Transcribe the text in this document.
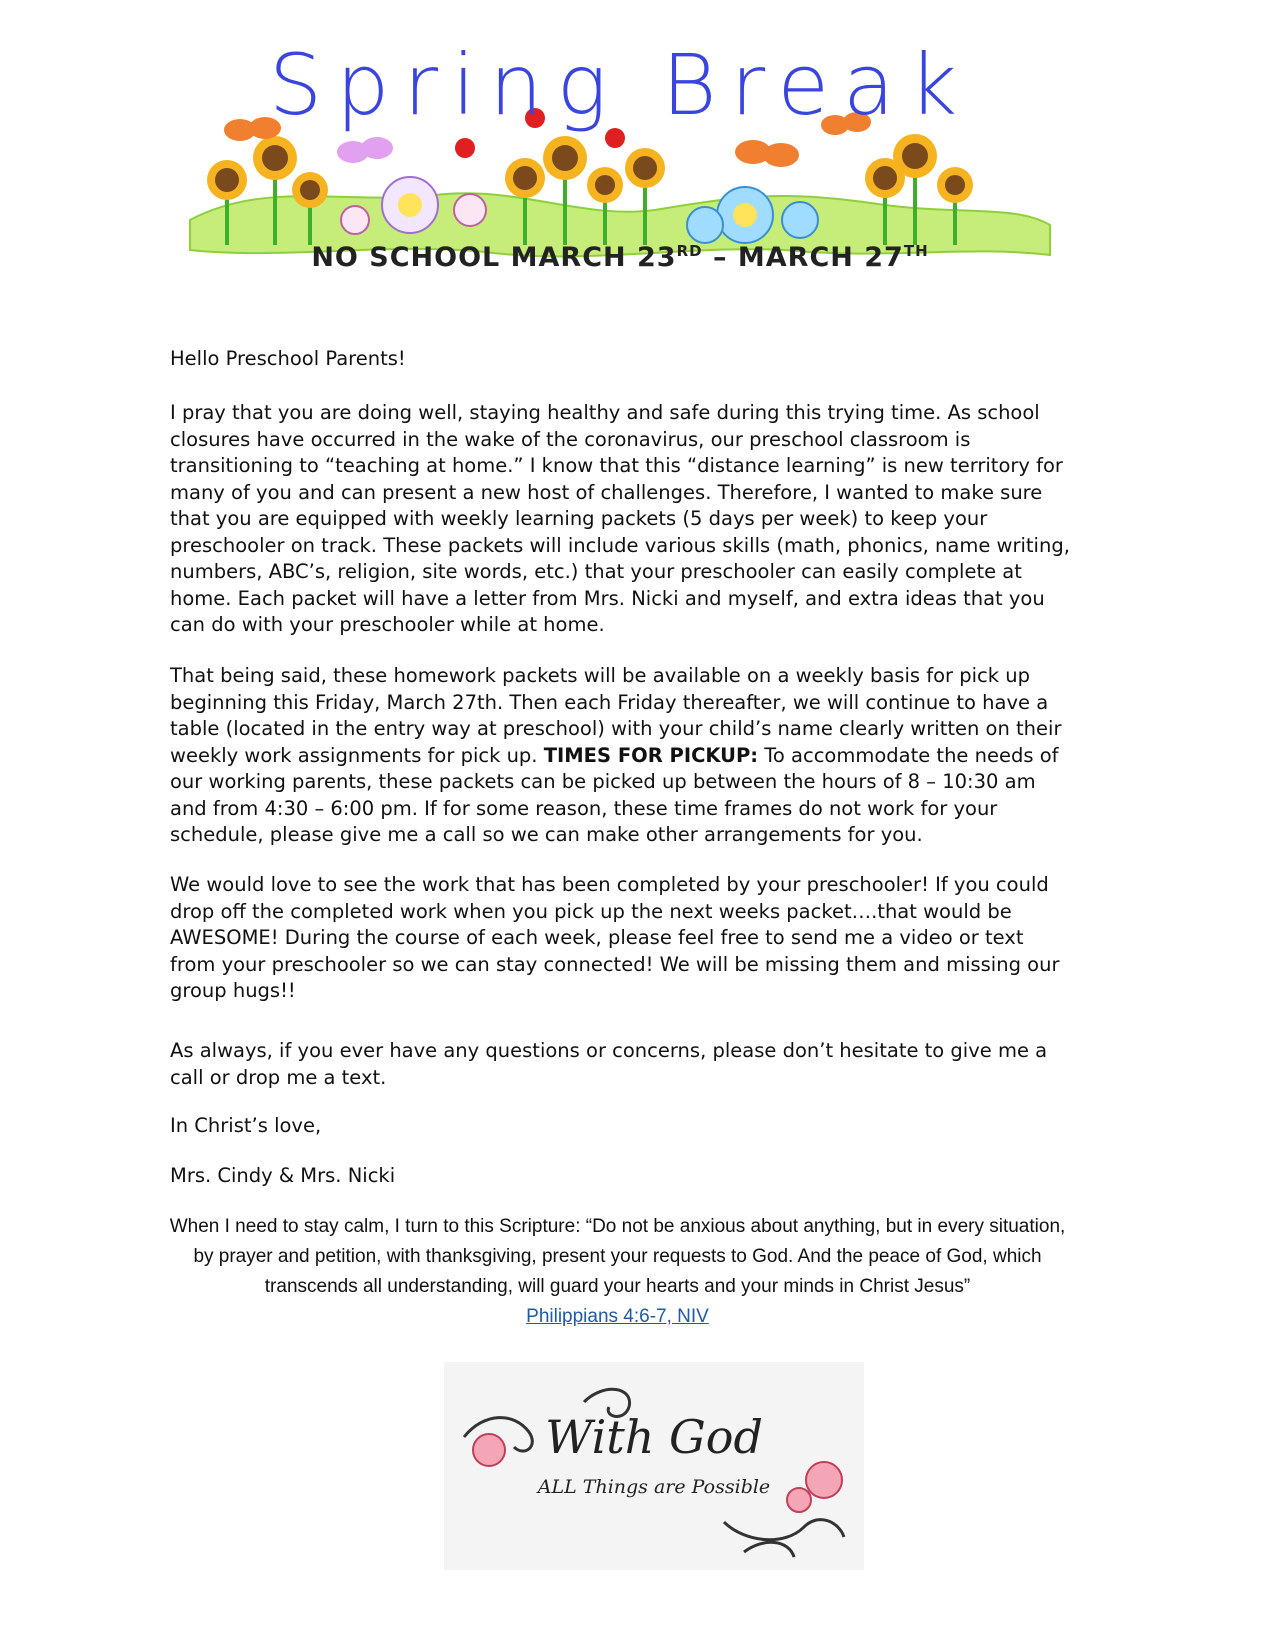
Spring Break
NO SCHOOL MARCH 23RD – MARCH 27TH

Hello Preschool Parents!

I pray that you are doing well, staying healthy and safe during this trying time. As school closures have occurred in the wake of the coronavirus, our preschool classroom is transitioning to “teaching at home.” I know that this “distance learning” is new territory for many of you and can present a new host of challenges. Therefore, I wanted to make sure that you are equipped with weekly learning packets (5 days per week) to keep your preschooler on track. These packets will include various skills (math, phonics, name writing, numbers, ABC’s, religion, site words, etc.) that your preschooler can easily complete at home. Each packet will have a letter from Mrs. Nicki and myself, and extra ideas that you can do with your preschooler while at home.

That being said, these homework packets will be available on a weekly basis for pick up beginning this Friday, March 27th. Then each Friday thereafter, we will continue to have a table (located in the entry way at preschool) with your child’s name clearly written on their weekly work assignments for pick up. TIMES FOR PICKUP: To accommodate the needs of our working parents, these packets can be picked up between the hours of 8 – 10:30 am and from 4:30 – 6:00 pm. If for some reason, these time frames do not work for your schedule, please give me a call so we can make other arrangements for you.

We would love to see the work that has been completed by your preschooler! If you could drop off the completed work when you pick up the next weeks packet….that would be AWESOME! During the course of each week, please feel free to send me a video or text from your preschooler so we can stay connected! We will be missing them and missing our group hugs!!

As always, if you ever have any questions or concerns, please don’t hesitate to give me a call or drop me a text.

In Christ’s love,

Mrs. Cindy & Mrs. Nicki

When I need to stay calm, I turn to this Scripture: “Do not be anxious about anything, but in every situation, by prayer and petition, with thanksgiving, present your requests to God. And the peace of God, which transcends all understanding, will guard your hearts and your minds in Christ Jesus”

Philippians 4:6-7, NIV
With God
ALL Things are Possible
